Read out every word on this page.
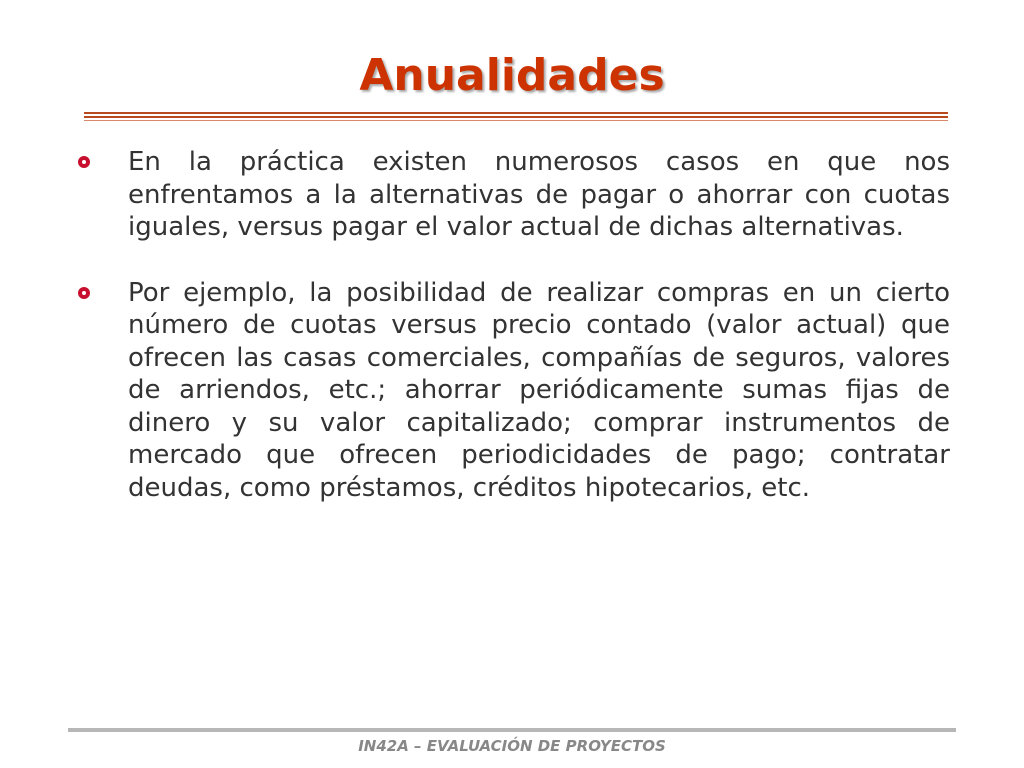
Anualidades
En la práctica existen numerosos casos en que nos enfrentamos a la alternativas de pagar o ahorrar con cuotas iguales, versus pagar el valor actual de dichas alternativas.
Por ejemplo, la posibilidad de realizar compras en un cierto número de cuotas versus precio contado (valor actual) que ofrecen las casas comerciales, compañías de seguros, valores de arriendos, etc.; ahorrar periódicamente sumas fijas de dinero y su valor capitalizado; comprar instrumentos de mercado que ofrecen periodicidades de pago; contratar deudas, como préstamos, créditos hipotecarios, etc.
IN42A – EVALUACIÓN DE PROYECTOS
